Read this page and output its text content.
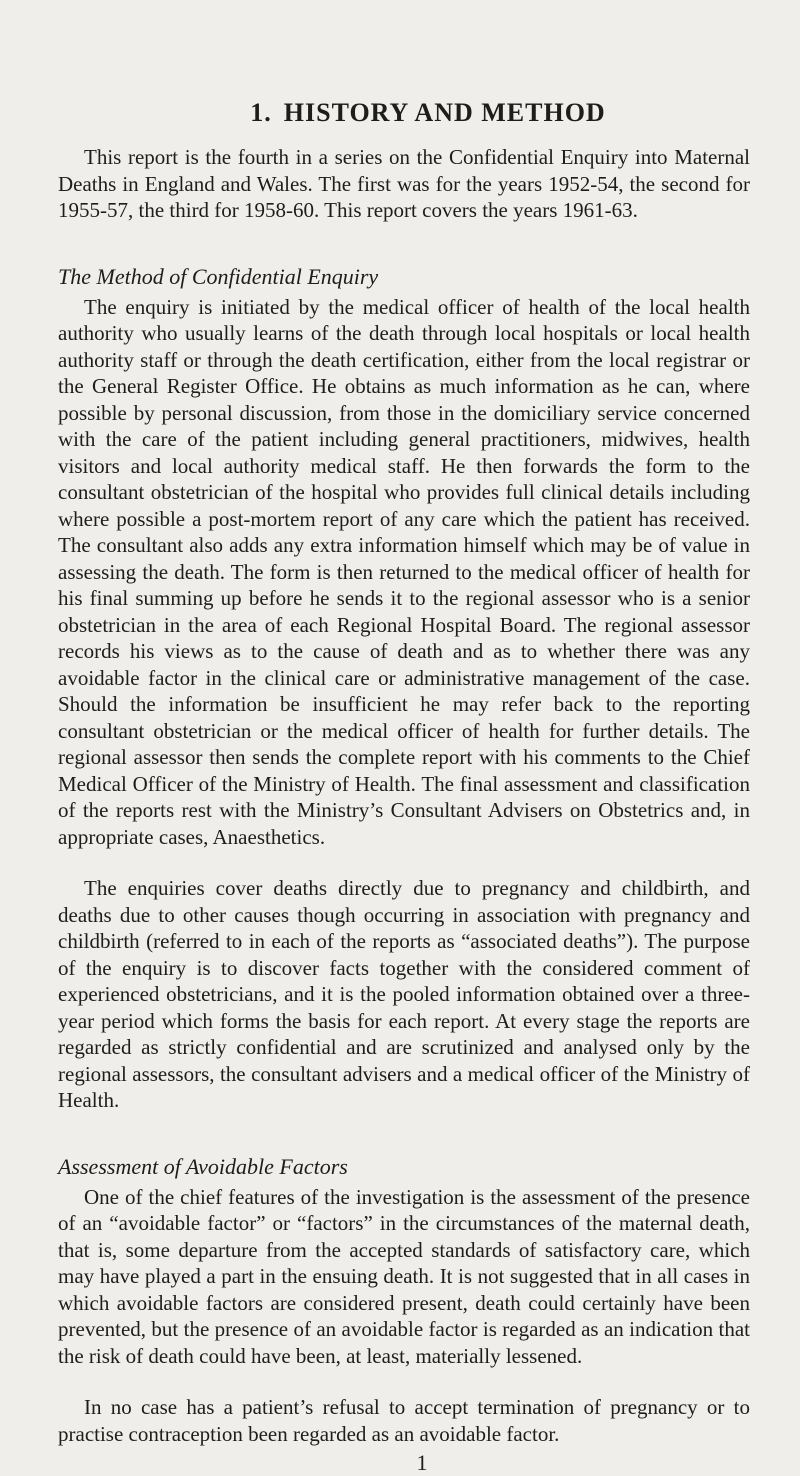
1. HISTORY AND METHOD

This report is the fourth in a series on the Confidential Enquiry into Maternal Deaths in England and Wales. The first was for the years 1952-54, the second for 1955-57, the third for 1958-60. This report covers the years 1961-63.

The Method of Confidential Enquiry

The enquiry is initiated by the medical officer of health of the local health authority who usually learns of the death through local hospitals or local health authority staff or through the death certification, either from the local registrar or the General Register Office. He obtains as much information as he can, where possible by personal discussion, from those in the domiciliary service concerned with the care of the patient including general practitioners, midwives, health visitors and local authority medical staff. He then forwards the form to the consultant obstetrician of the hospital who provides full clinical details including where possible a post-mortem report of any care which the patient has received. The consultant also adds any extra information himself which may be of value in assessing the death. The form is then returned to the medical officer of health for his final summing up before he sends it to the regional assessor who is a senior obstetrician in the area of each Regional Hospital Board. The regional assessor records his views as to the cause of death and as to whether there was any avoidable factor in the clinical care or administrative management of the case. Should the information be insufficient he may refer back to the reporting consultant obstetrician or the medical officer of health for further details. The regional assessor then sends the complete report with his comments to the Chief Medical Officer of the Ministry of Health. The final assessment and classification of the reports rest with the Ministry’s Consultant Advisers on Obstetrics and, in appropriate cases, Anaesthetics.

The enquiries cover deaths directly due to pregnancy and childbirth, and deaths due to other causes though occurring in association with pregnancy and childbirth (referred to in each of the reports as “associated deaths”). The purpose of the enquiry is to discover facts together with the considered comment of experienced obstetricians, and it is the pooled information obtained over a three-year period which forms the basis for each report. At every stage the reports are regarded as strictly confidential and are scrutinized and analysed only by the regional assessors, the consultant advisers and a medical officer of the Ministry of Health.

Assessment of Avoidable Factors

One of the chief features of the investigation is the assessment of the presence of an “avoidable factor” or “factors” in the circumstances of the maternal death, that is, some departure from the accepted standards of satisfactory care, which may have played a part in the ensuing death. It is not suggested that in all cases in which avoidable factors are considered present, death could certainly have been prevented, but the presence of an avoidable factor is regarded as an indication that the risk of death could have been, at least, materially lessened.

In no case has a patient’s refusal to accept termination of pregnancy or to practise contraception been regarded as an avoidable factor.

1
